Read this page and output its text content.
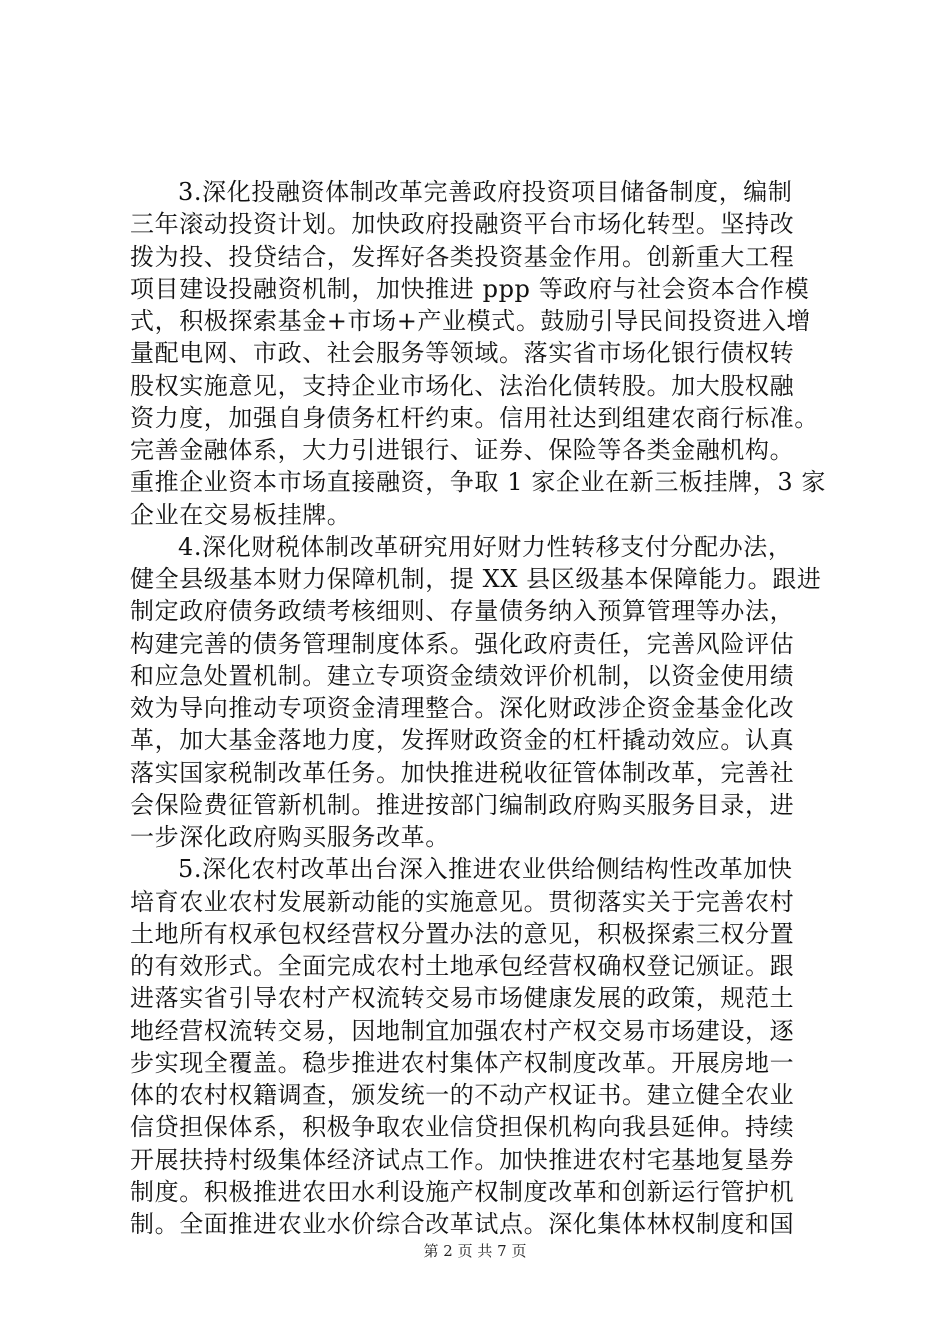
3.深化投融资体制改革完善政府投资项目储备制度，编制
三年滚动投资计划。加快政府投融资平台市场化转型。坚持改
拨为投、投贷结合，发挥好各类投资基金作用。创新重大工程
项目建设投融资机制，加快推进 ppp 等政府与社会资本合作模
式，积极探索基金+市场+产业模式。鼓励引导民间投资进入增
量配电网、市政、社会服务等领域。落实省市场化银行债权转
股权实施意见，支持企业市场化、法治化债转股。加大股权融
资力度，加强自身债务杠杆约束。信用社达到组建农商行标准。
完善金融体系，大力引进银行、证券、保险等各类金融机构。
重推企业资本市场直接融资，争取 1 家企业在新三板挂牌，3 家
企业在交易板挂牌。
4.深化财税体制改革研究用好财力性转移支付分配办法，
健全县级基本财力保障机制，提 XX 县区级基本保障能力。跟进
制定政府债务政绩考核细则、存量债务纳入预算管理等办法，
构建完善的债务管理制度体系。强化政府责任，完善风险评估
和应急处置机制。建立专项资金绩效评价机制，以资金使用绩
效为导向推动专项资金清理整合。深化财政涉企资金基金化改
革，加大基金落地力度，发挥财政资金的杠杆撬动效应。认真
落实国家税制改革任务。加快推进税收征管体制改革，完善社
会保险费征管新机制。推进按部门编制政府购买服务目录，进
一步深化政府购买服务改革。
5.深化农村改革出台深入推进农业供给侧结构性改革加快
培育农业农村发展新动能的实施意见。贯彻落实关于完善农村
土地所有权承包权经营权分置办法的意见，积极探索三权分置
的有效形式。全面完成农村土地承包经营权确权登记颁证。跟
进落实省引导农村产权流转交易市场健康发展的政策，规范土
地经营权流转交易，因地制宜加强农村产权交易市场建设，逐
步实现全覆盖。稳步推进农村集体产权制度改革。开展房地一
体的农村权籍调查，颁发统一的不动产权证书。建立健全农业
信贷担保体系，积极争取农业信贷担保机构向我县延伸。持续
开展扶持村级集体经济试点工作。加快推进农村宅基地复垦券
制度。积极推进农田水利设施产权制度改革和创新运行管护机
制。全面推进农业水价综合改革试点。深化集体林权制度和国
第 2 页 共 7 页
